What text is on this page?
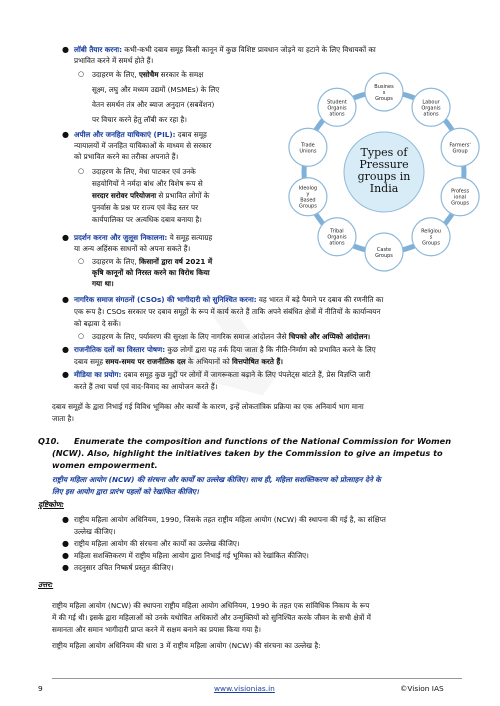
● लॉबी तैयार करना: कभी-कभी दबाव समूह किसी कानून में कुछ विशिष्ट प्रावधान जोड़ने या हटाने के लिए विधायकों का
प्रभावित करने में समर्थ होते हैं।
○ उदाहरण के लिए, एसोचैम सरकार के समक्ष
सूक्ष्म, लघु और मध्यम उद्यमों (MSMEs) के लिए
वेतन समर्थन तंत्र और ब्याज अनुदान (सबवेंशन)
पर विचार करने हेतु लॉबी कर रहा है।
● अपील और जनहित याचिकाएं (PIL): दबाव समूह
न्यायालयों में जनहित याचिकाओं के माध्यम से सरकार
को प्रभावित करने का तरीका अपनाते हैं।
○ उदाहरण के लिए, मेधा पाटकर एवं उनके
सहयोगियों ने नर्मदा बांध और विशेष रूप से
सरदार सरोवर परियोजना से प्रभावित लोगों के
पुनर्वास के प्रश्न पर राज्य एवं केंद्र स्तर पर
कार्यपालिका पर अत्यधिक दबाव बनाया है।
● प्रदर्शन करना और जुलूस निकालना: ये समूह सत्याग्रह
या अन्य अहिंसक साधनों को अपना सकते हैं।
○ उदाहरण के लिए, किसानों द्वारा वर्ष 2021 में
कृषि कानूनों को निरस्त करने का विरोध किया
गया था।
Types of
Pressure
groups in
India
Busines
s
Groups
Labour
Organis
ations
Farmers'
Group
Profess
ional
Groups
Religiou
s
Groups
Caste
Groups
Tribal
Organis
ations
Ideolog
y
Based
Groups
Trade
Unions
Student
Organis
ations
● नागरिक समाज संगठनों (CSOs) की भागीदारी को सुनिश्चित करना: वह भारत में बड़े पैमाने पर दबाव की रणनीति का
एक रूप है। CSOs सरकार पर दबाव समूहों के रूप में कार्य करते हैं ताकि अपने संबंधित क्षेत्रों में नीतियों के कार्यान्वयन
को बढ़ावा दे सकें।
○ उदाहरण के लिए, पर्यावरण की सुरक्षा के लिए नागरिक समाज आंदोलन जैसे चिपको और अप्पिको आंदोलन।
● राजनीतिक दलों का विस्तार पोषण: कुछ लोगों द्वारा यह तर्क दिया जाता है कि नीति-निर्माण को प्रभावित करने के लिए
दबाव समूह समय-समय पर राजनीतिक दल के अभियानों को वित्तपोषित करते हैं।
● मीडिया का प्रयोग: दबाव समूह कुछ मुद्दों पर लोगों में जागरूकता बढ़ाने के लिए पंपलेट्स बांटते हैं, प्रेस विज्ञप्ति जारी
करते हैं तथा चर्चा एवं वाद-विवाद का आयोजन करते हैं।
दबाव समूहों के द्वारा निभाई गई विविध भूमिका और कार्यों के कारण, इन्हें लोकतांत्रिक प्रक्रिया का एक अनिवार्य भाग माना
जाता है।
Q10. Enumerate the composition and functions of the National Commission for Women
(NCW). Also, highlight the initiatives taken by the Commission to give an impetus to
women empowerment.
राष्ट्रीय महिला आयोग (NCW) की संरचना और कार्यों का उल्लेख कीजिए। साथ ही, महिला सशक्तिकरण को प्रोत्साहन देने के
लिए इस आयोग द्वारा प्रारंभ पहलों को रेखांकित कीजिए।
दृष्टिकोण:
● राष्ट्रीय महिला आयोग अधिनियम, 1990, जिसके तहत राष्ट्रीय महिला आयोग (NCW) की स्थापना की गई है, का संक्षिप्त
उल्लेख कीजिए।
● राष्ट्रीय महिला आयोग की संरचना और कार्यों का उल्लेख कीजिए।
● महिला सशक्तिकरण में राष्ट्रीय महिला आयोग द्वारा निभाई गई भूमिका को रेखांकित कीजिए।
● तदनुसार उचित निष्कर्ष प्रस्तुत कीजिए।
उत्तर:
राष्ट्रीय महिला आयोग (NCW) की स्थापना राष्ट्रीय महिला आयोग अधिनियम, 1990 के तहत एक सांविधिक निकाय के रूप
में की गई थी। इसके द्वारा महिलाओं को उनके यथोचित अधिकारों और उन्मुक्तियों को सुनिश्चित करके जीवन के सभी क्षेत्रों में
समानता और समान भागीदारी प्राप्त करने में सक्षम बनाने का प्रयास किया गया है।
राष्ट्रीय महिला आयोग अधिनियम की धारा 3 में राष्ट्रीय महिला आयोग (NCW) की संरचना का उल्लेख है:
9	www.visionias.in	©Vision IAS
